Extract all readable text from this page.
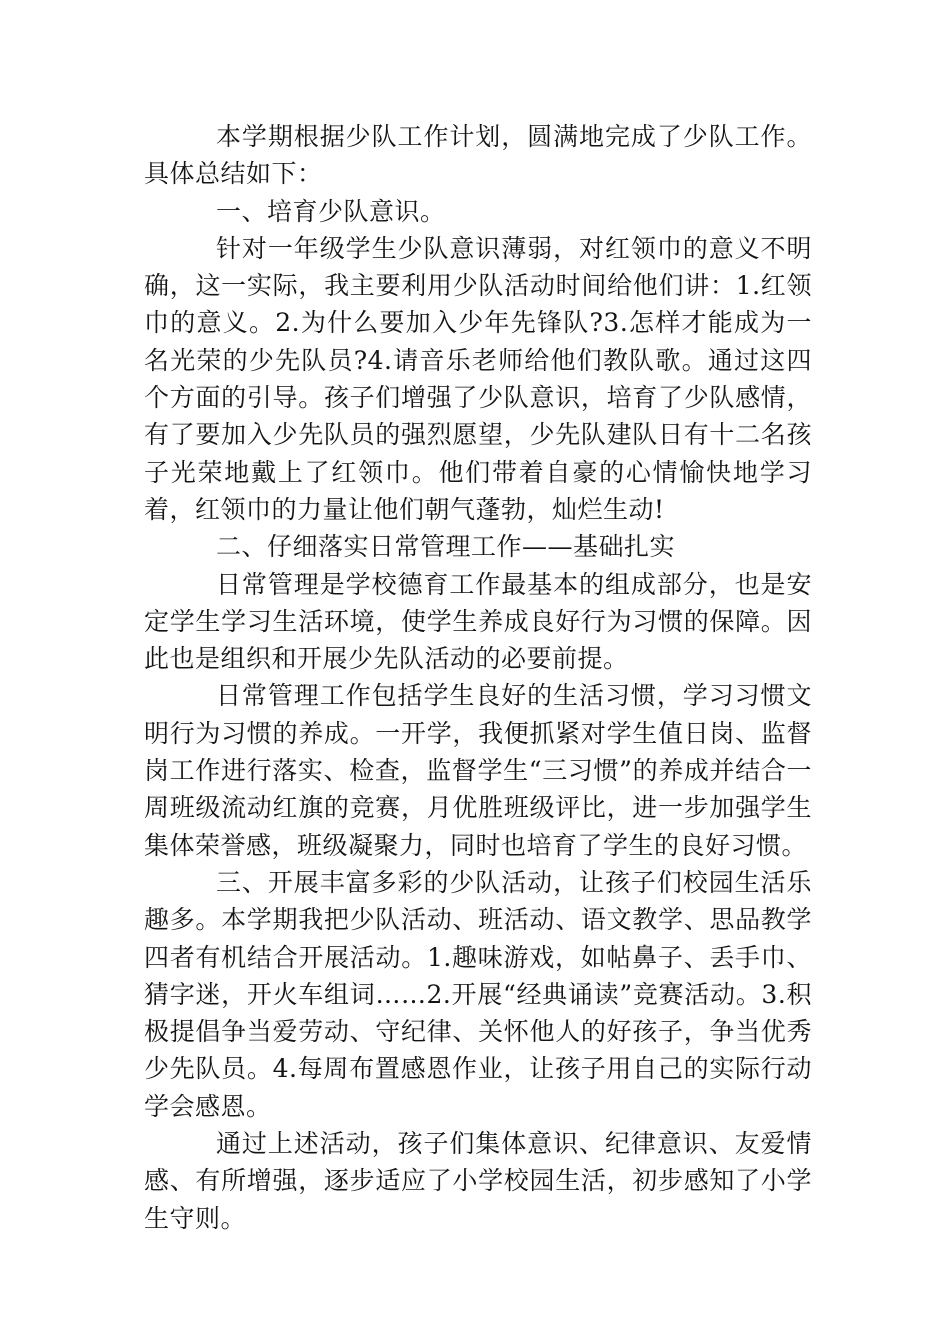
本学期根据少队工作计划，圆满地完成了少队工作。具体总结如下：

一、培育少队意识。

针对一年级学生少队意识薄弱，对红领巾的意义不明确，这一实际，我主要利用少队活动时间给他们讲：1.红领巾的意义。2.为什么要加入少年先锋队?3.怎样才能成为一名光荣的少先队员?4.请音乐老师给他们教队歌。通过这四个方面的引导。孩子们增强了少队意识，培育了少队感情，有了要加入少先队员的强烈愿望，少先队建队日有十二名孩子光荣地戴上了红领巾。他们带着自豪的心情愉快地学习着，红领巾的力量让他们朝气蓬勃，灿烂生动!

二、仔细落实日常管理工作——基础扎实

日常管理是学校德育工作最基本的组成部分，也是安定学生学习生活环境，使学生养成良好行为习惯的保障。因此也是组织和开展少先队活动的必要前提。

日常管理工作包括学生良好的生活习惯，学习习惯文明行为习惯的养成。一开学，我便抓紧对学生值日岗、监督岗工作进行落实、检查，监督学生“三习惯”的养成并结合一周班级流动红旗的竞赛，月优胜班级评比，进一步加强学生集体荣誉感，班级凝聚力，同时也培育了学生的良好习惯。

三、开展丰富多彩的少队活动，让孩子们校园生活乐趣多。本学期我把少队活动、班活动、语文教学、思品教学四者有机结合开展活动。1.趣味游戏，如帖鼻子、丢手巾、猜字迷，开火车组词……2.开展“经典诵读”竞赛活动。3.积极提倡争当爱劳动、守纪律、关怀他人的好孩子，争当优秀少先队员。4.每周布置感恩作业，让孩子用自己的实际行动学会感恩。

通过上述活动，孩子们集体意识、纪律意识、友爱情感、有所增强，逐步适应了小学校园生活，初步感知了小学生守则。
